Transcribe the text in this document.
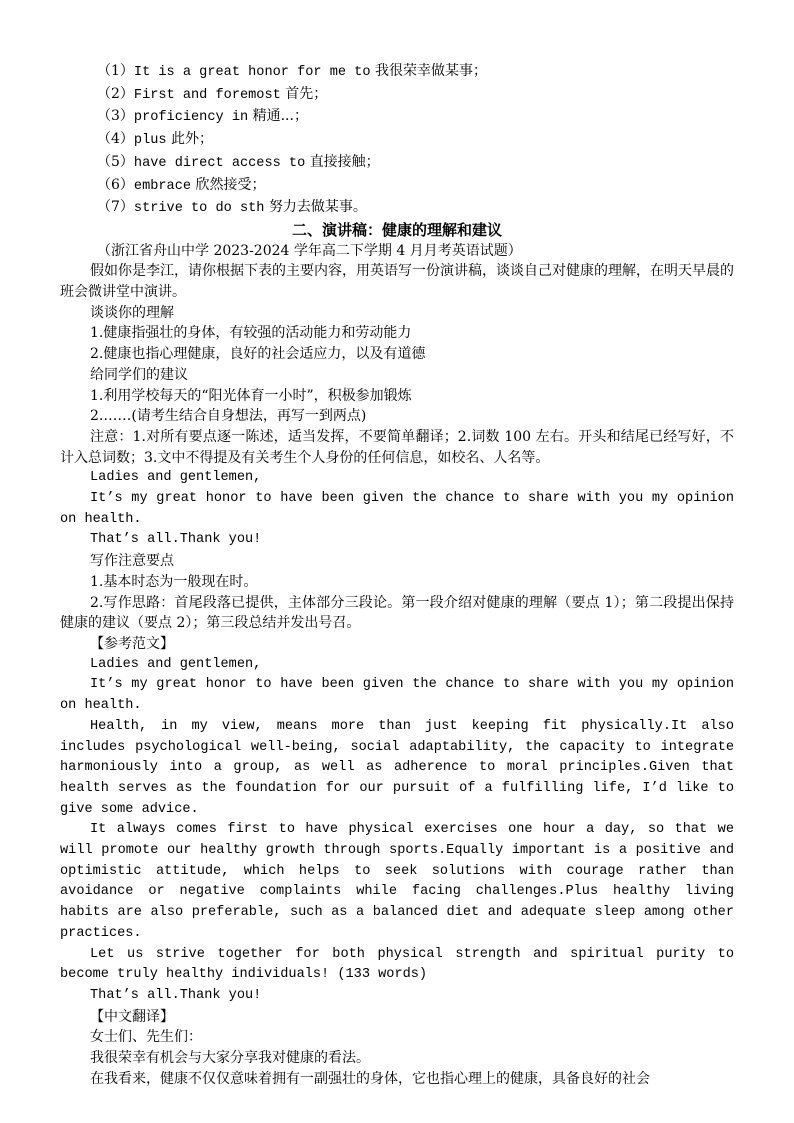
（1）It is a great honor for me to 我很荣幸做某事；

（2）First and foremost 首先；

（3）proficiency in 精通...；

（4）plus 此外；

（5）have direct access to 直接接触；

（6）embrace 欣然接受；

（7）strive to do sth 努力去做某事。

二、演讲稿：健康的理解和建议

（浙江省舟山中学 2023-2024 学年高二下学期 4 月月考英语试题）

假如你是李江，请你根据下表的主要内容，用英语写一份演讲稿，谈谈自己对健康的理解，在明天早晨的班会微讲堂中演讲。

谈谈你的理解

1.健康指强壮的身体，有较强的活动能力和劳动能力

2.健康也指心理健康，良好的社会适应力，以及有道德

给同学们的建议

1.利用学校每天的“阳光体育一小时”，积极参加锻炼

2.……(请考生结合自身想法，再写一到两点)

注意：1.对所有要点逐一陈述，适当发挥，不要简单翻译；2.词数 100 左右。开头和结尾已经写好，不计入总词数；3.文中不得提及有关考生个人身份的任何信息，如校名、人名等。

Ladies and gentlemen,

It’s my great honor to have been given the chance to share with you my opinion on health.

That’s all.Thank you!

写作注意要点

1.基本时态为一般现在时。

2.写作思路：首尾段落已提供，主体部分三段论。第一段介绍对健康的理解（要点 1）；第二段提出保持健康的建议（要点 2）；第三段总结并发出号召。

【参考范文】

Ladies and gentlemen,

It’s my great honor to have been given the chance to share with you my opinion on health.

Health, in my view, means more than just keeping fit physically.It also includes psychological well-being, social adaptability, the capacity to integrate harmoniously into a group, as well as adherence to moral principles.Given that health serves as the foundation for our pursuit of a fulfilling life, I’d like to give some advice.

It always comes first to have physical exercises one hour a day, so that we will promote our healthy growth through sports.Equally important is a positive and optimistic attitude, which helps to seek solutions with courage rather than avoidance or negative complaints while facing challenges.Plus healthy living habits are also preferable, such as a balanced diet and adequate sleep among other practices.

Let us strive together for both physical strength and spiritual purity to become truly healthy individuals! (133 words)

That’s all.Thank you!

【中文翻译】

女士们、先生们：

我很荣幸有机会与大家分享我对健康的看法。

在我看来，健康不仅仅意味着拥有一副强壮的身体，它也指心理上的健康，具备良好的社会
